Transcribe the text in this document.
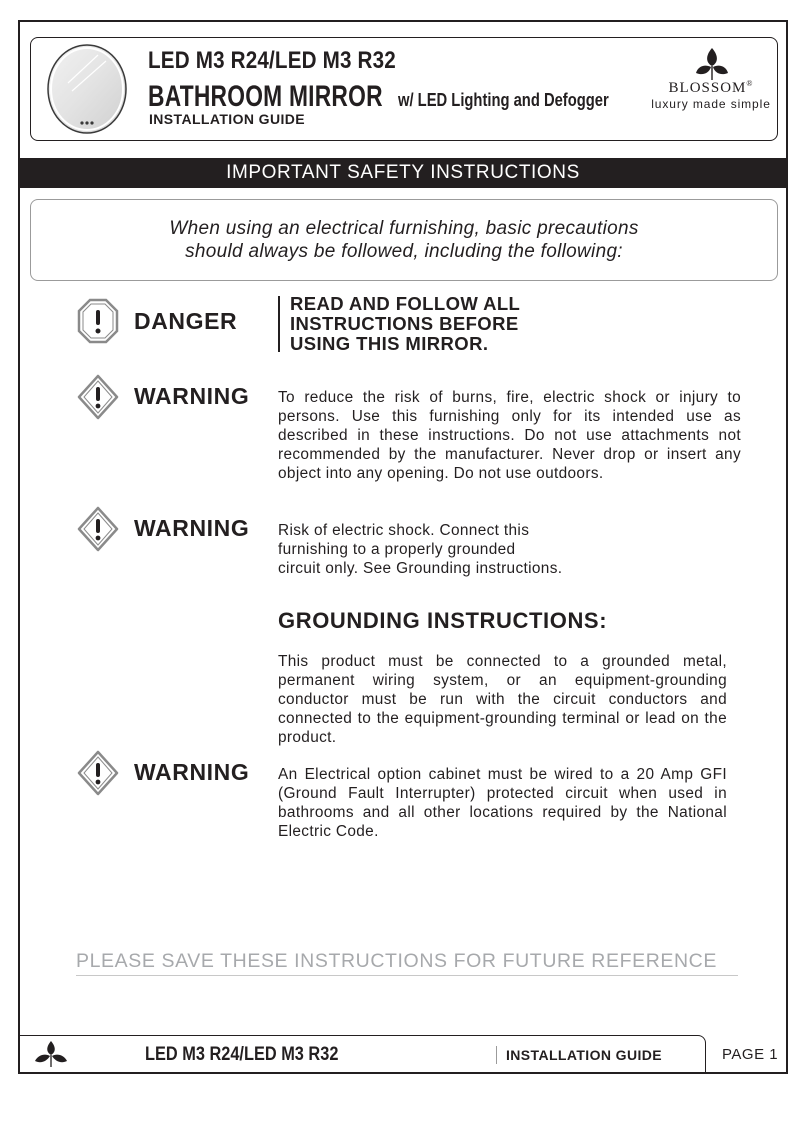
LED M3 R24/LED M3 R32
BATHROOM MIRROR w/ LED Lighting and Defogger
INSTALLATION GUIDE
BLOSSOM®
luxury made simple
IMPORTANT SAFETY INSTRUCTIONS
When using an electrical furnishing, basic precautions
should always be followed, including the following:
DANGER
READ AND FOLLOW ALL
INSTRUCTIONS BEFORE
USING THIS MIRROR.
WARNING To reduce the risk of burns, fire, electric shock or injury to persons. Use this furnishing only for its intended use as described in these instructions. Do not use attachments not recommended by the manufacturer. Never drop or insert any object into any opening. Do not use outdoors.
WARNING Risk of electric shock. Connect this
furnishing to a properly grounded
circuit only. See Grounding instructions.
GROUNDING INSTRUCTIONS:
This product must be connected to a grounded metal, permanent wiring system, or an equipment-grounding conductor must be run with the circuit conductors and connected to the equipment-grounding terminal or lead on the product.
WARNING An Electrical option cabinet must be wired to a 20 Amp GFI (Ground Fault Interrupter) protected circuit when used in bathrooms and all other locations required by the National Electric Code.
PLEASE SAVE THESE INSTRUCTIONS FOR FUTURE REFERENCE
LED M3 R24/LED M3 R32	INSTALLATION GUIDE	PAGE 1
